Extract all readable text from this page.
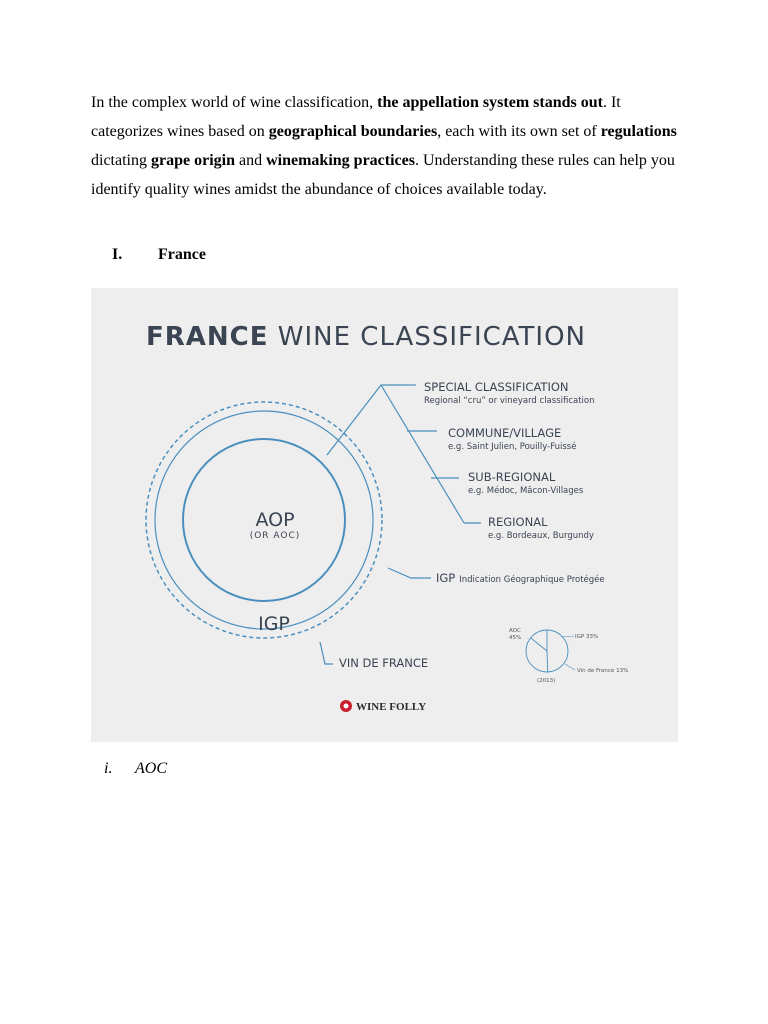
In the complex world of wine classification, the appellation system stands out. It categorizes wines based on geographical boundaries, each with its own set of regulations dictating grape origin and winemaking practices. Understanding these rules can help you identify quality wines amidst the abundance of choices available today.

I. France

FRANCE WINE CLASSIFICATION
AOP
(OR AOC)
IGP
SPECIAL CLASSIFICATION
Regional “cru” or vineyard classification
COMMUNE/VILLAGE
e.g. Saint Julien, Pouilly-Fuissé
SUB-REGIONAL
e.g. Médoc, Mâcon-Villages
REGIONAL
e.g. Bordeaux, Burgundy
IGP Indication Géographique Protégée
VIN DE FRANCE
AOC
45%	IGP 33%
Vin de France 13%
(2013)
WINE FOLLY

i. AOC
